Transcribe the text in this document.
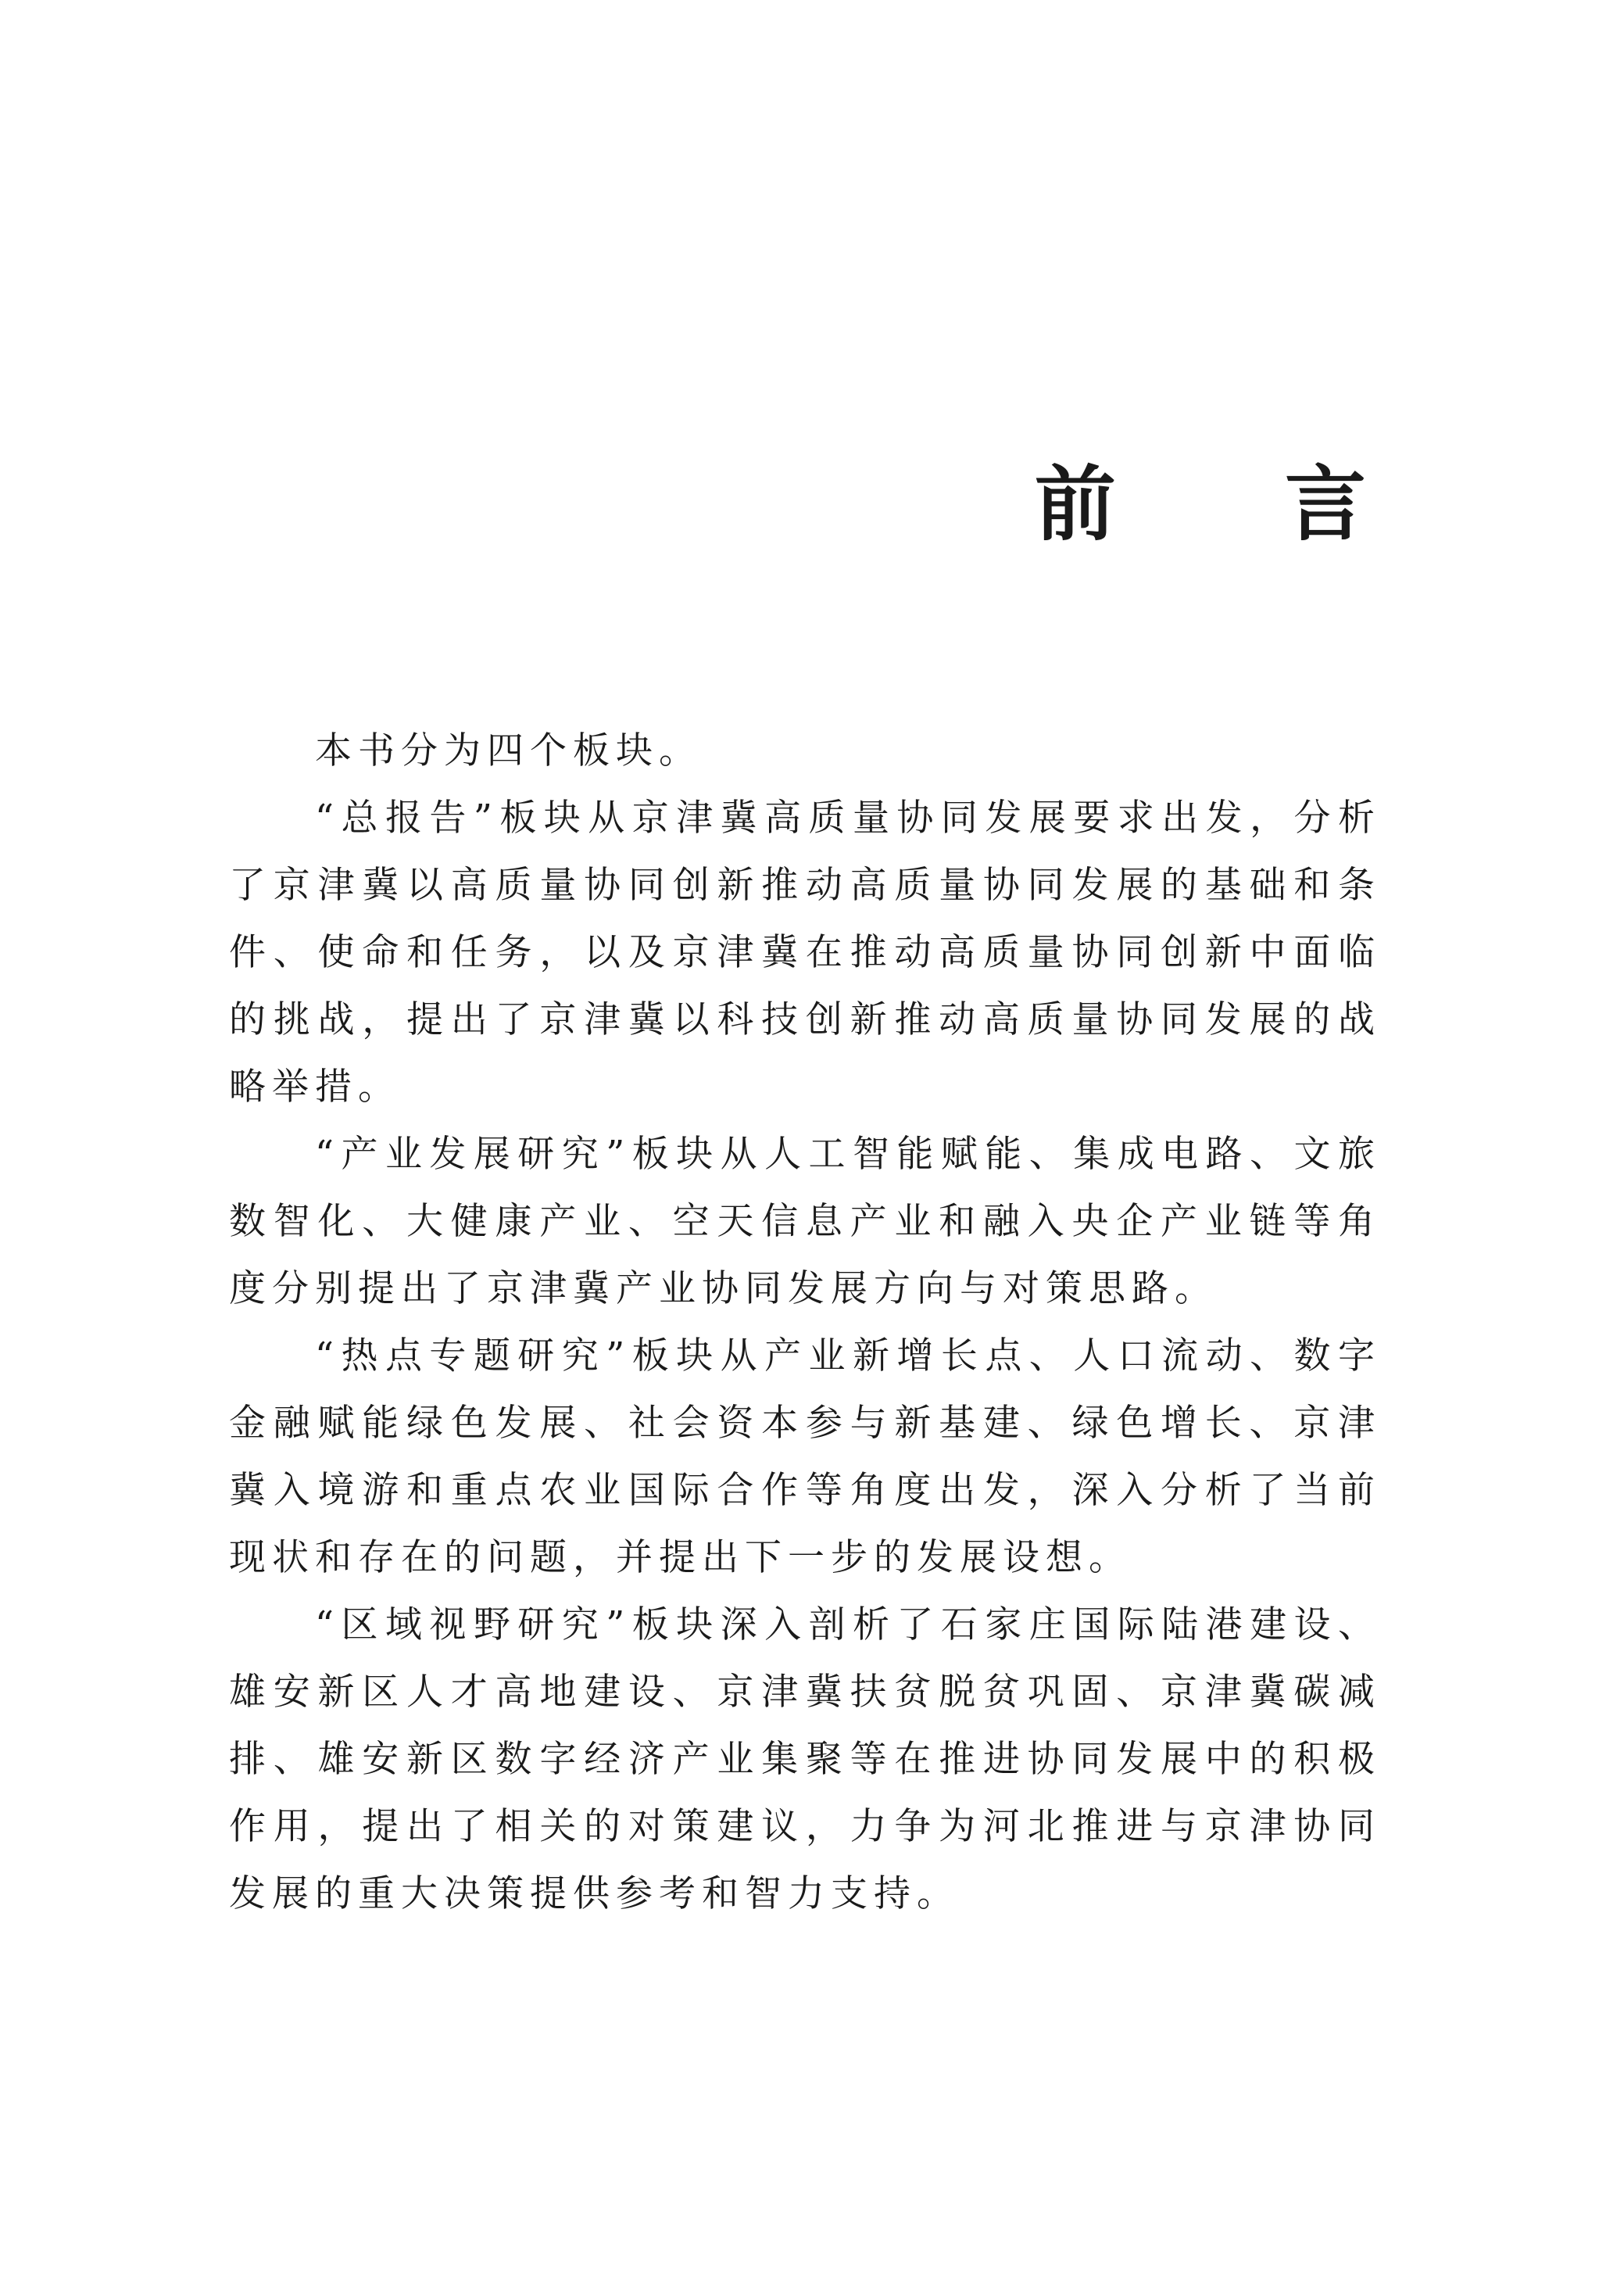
前 言

本书分为四个板块。

“总报告”板块从京津冀高质量协同发展要求出发，分析了京津冀以高质量协同创新推动高质量协同发展的基础和条件、使命和任务，以及京津冀在推动高质量协同创新中面临的挑战，提出了京津冀以科技创新推动高质量协同发展的战略举措。

“产业发展研究”板块从人工智能赋能、集成电路、文旅数智化、大健康产业、空天信息产业和融入央企产业链等角度分别提出了京津冀产业协同发展方向与对策思路。

“热点专题研究”板块从产业新增长点、人口流动、数字金融赋能绿色发展、社会资本参与新基建、绿色增长、京津冀入境游和重点农业国际合作等角度出发，深入分析了当前现状和存在的问题，并提出下一步的发展设想。

“区域视野研究”板块深入剖析了石家庄国际陆港建设、雄安新区人才高地建设、京津冀扶贫脱贫巩固、京津冀碳减排、雄安新区数字经济产业集聚等在推进协同发展中的积极作用，提出了相关的对策建议，力争为河北推进与京津协同发展的重大决策提供参考和智力支持。
